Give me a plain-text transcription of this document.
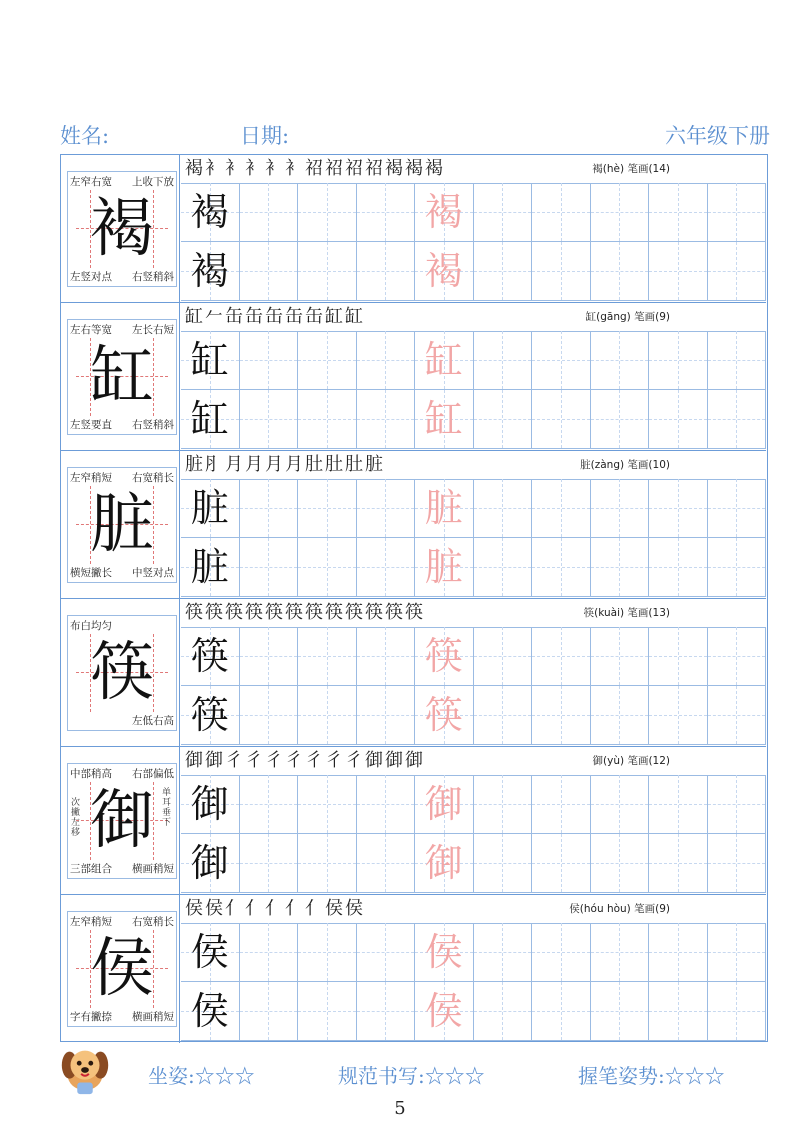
姓名:	日期:	六年级下册
褐
左窄右宽 上收下放
左竖对点 右竖稍斜
褐衤衤衤衤衤祒祒祒祒褐褐褐	褐(hè) 笔画(14)
褐	褐
褐	褐
缸
左右等宽 左长右短
左竖要直 右竖稍斜
缸𠂉缶缶缶缶缶缸缸	缸(gāng) 笔画(9)
缸	缸
缸	缸
脏
左窄稍短 右宽稍长
横短撇长 中竖对点
脏⺼月月月月肚肚肚脏	脏(zàng) 笔画(10)
脏	脏
脏	脏
筷
布白均匀
左低右高
筷筷筷筷筷筷筷筷筷筷筷筷	筷(kuài) 笔画(13)
筷	筷
筷	筷
御
中部稍高 右部偏低
三部组合 横画稍短
次撇左移
单耳垂下
御御彳彳彳彳彳彳彳御御御	御(yù) 笔画(12)
御	御
御	御
侯
左窄稍短 右宽稍长
字有撇捺 横画稍短
侯侯亻亻亻亻亻侯侯	侯(hóu hòu) 笔画(9)
侯	侯
侯	侯
坐姿:☆☆☆	规范书写:☆☆☆	握笔姿势:☆☆☆
5
